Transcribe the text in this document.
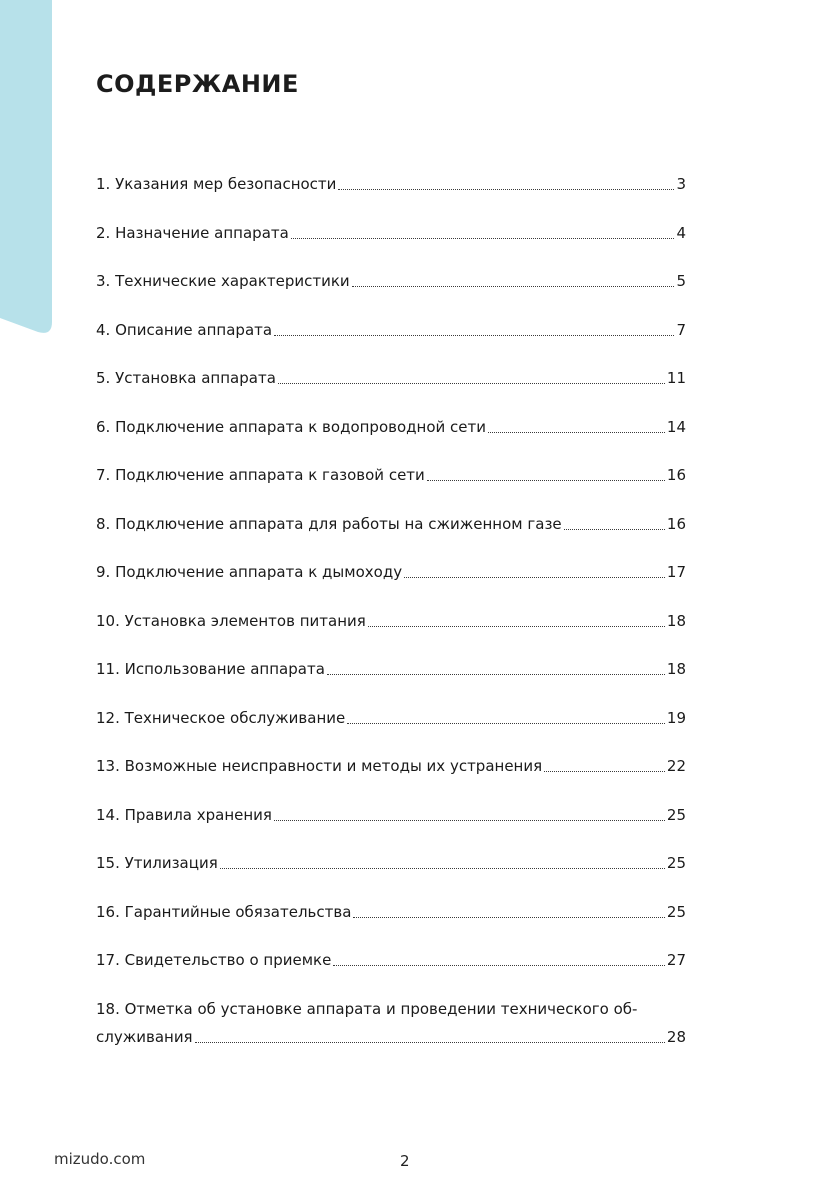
СОДЕРЖАНИЕ
1. Указания мер безопасности	3
2. Назначение аппарата	4
3. Технические характеристики	5
4. Описание аппарата	7
5. Установка аппарата	11
6. Подключение аппарата к водопроводной сети	14
7. Подключение аппарата к газовой сети	16
8. Подключение аппарата для работы на сжиженном газе	16
9. Подключение аппарата к дымоходу	17
10. Установка элементов питания	18
11. Использование аппарата	18
12. Техническое обслуживание	19
13. Возможные неисправности и методы их устранения	22
14. Правила хранения	25
15. Утилизация	25
16. Гарантийные обязательства	25
17. Свидетельство о приемке	27
18. Отметка об установке аппарата и проведении технического об-
служивания	28
mizudo.com	2
